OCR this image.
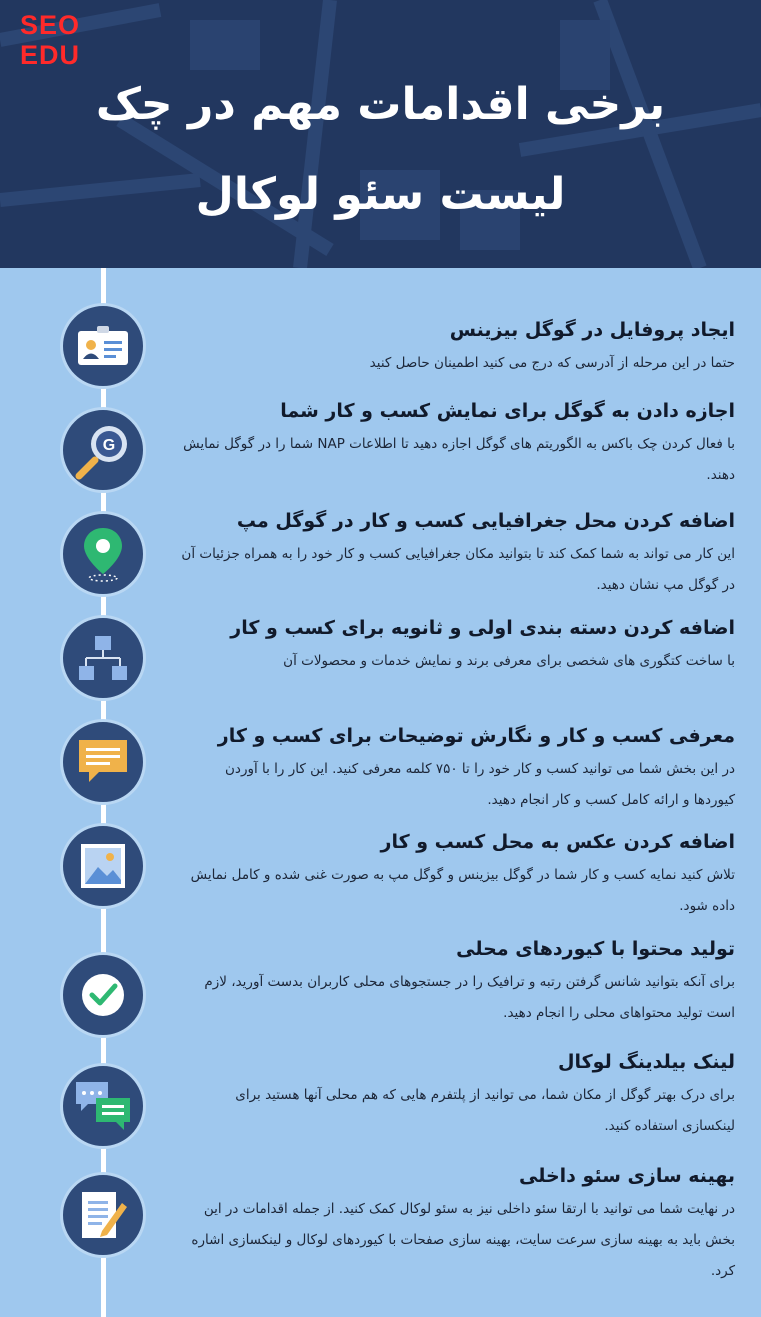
SEO
EDU
برخی اقدامات مهم در چک
لیست سئو لوکال
ایجاد پروفایل در گوگل بیزینس

حتما در این مرحله از آدرسی که درج می کنید اطمینان حاصل کنید

G
اجازه دادن به گوگل برای نمایش کسب و کار شما

با فعال کردن چک باکس به الگوریتم های گوگل اجازه دهید تا اطلاعات NAP شما را در گوگل نمایش دهند.

اضافه کردن محل جغرافیایی کسب و کار در گوگل مپ

این کار می تواند به شما کمک کند تا بتوانید مکان جغرافیایی کسب و کار خود را به همراه جزئیات آن در گوگل مپ نشان دهید.

اضافه کردن دسته بندی اولی و ثانویه برای کسب و کار

با ساخت کتگوری های شخصی برای معرفی برند و نمایش خدمات و محصولات آن

معرفی کسب و کار و نگارش توضیحات برای کسب و کار

در این بخش شما می توانید کسب و کار خود را تا ۷۵۰ کلمه معرفی کنید. این کار را با آوردن کیوردها و ارائه کامل کسب و کار انجام دهید.

اضافه کردن عکس به محل کسب و کار

تلاش کنید نمایه کسب و کار شما در گوگل بیزینس و گوگل مپ به صورت غنی شده و کامل نمایش داده شود.

تولید محتوا با کیوردهای محلی

برای آنکه بتوانید شانس گرفتن رتبه و ترافیک را در جستجوهای محلی کاربران بدست آورید، لازم است تولید محتواهای محلی را انجام دهید.

لینک بیلدینگ لوکال

برای درک بهتر گوگل از مکان شما، می توانید از پلتفرم هایی که هم محلی آنها هستید برای لینکسازی استفاده کنید.

بهینه سازی سئو داخلی

در نهایت شما می توانید با ارتقا سئو داخلی نیز به سئو لوکال کمک کنید. از جمله اقدامات در این بخش باید به بهینه سازی سرعت سایت، بهینه سازی صفحات با کیوردهای لوکال و لینکسازی اشاره کرد.
